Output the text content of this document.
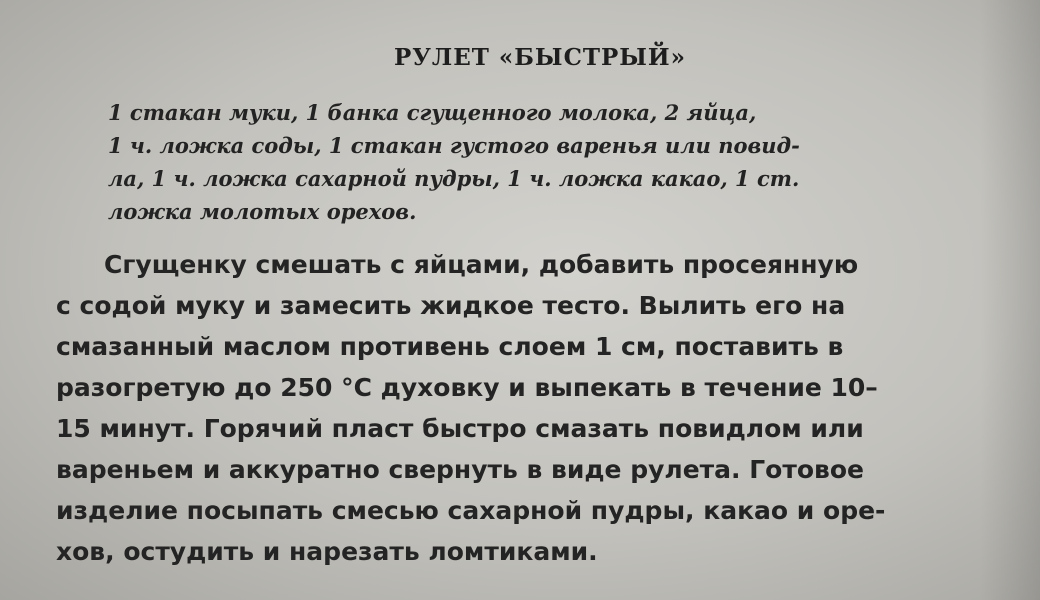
РУЛЕТ «БЫСТРЫЙ»

1 стакан муки, 1 банка сгущенного молока, 2 яйца,
1 ч. ложка соды, 1 стакан густого варенья или повид-
ла, 1 ч. ложка сахарной пудры, 1 ч. ложка какао, 1 ст.
ложка молотых орехов.

Сгущенку смешать с яйцами, добавить просеянную
с содой муку и замесить жидкое тесто. Вылить его на
смазанный маслом противень слоем 1 см, поставить в
разогретую до 250 °С духовку и выпекать в течение 10–
15 минут. Горячий пласт быстро смазать повидлом или
вареньем и аккуратно свернуть в виде рулета. Готовое
изделие посыпать смесью сахарной пудры, какао и оре-
хов, остудить и нарезать ломтиками.
